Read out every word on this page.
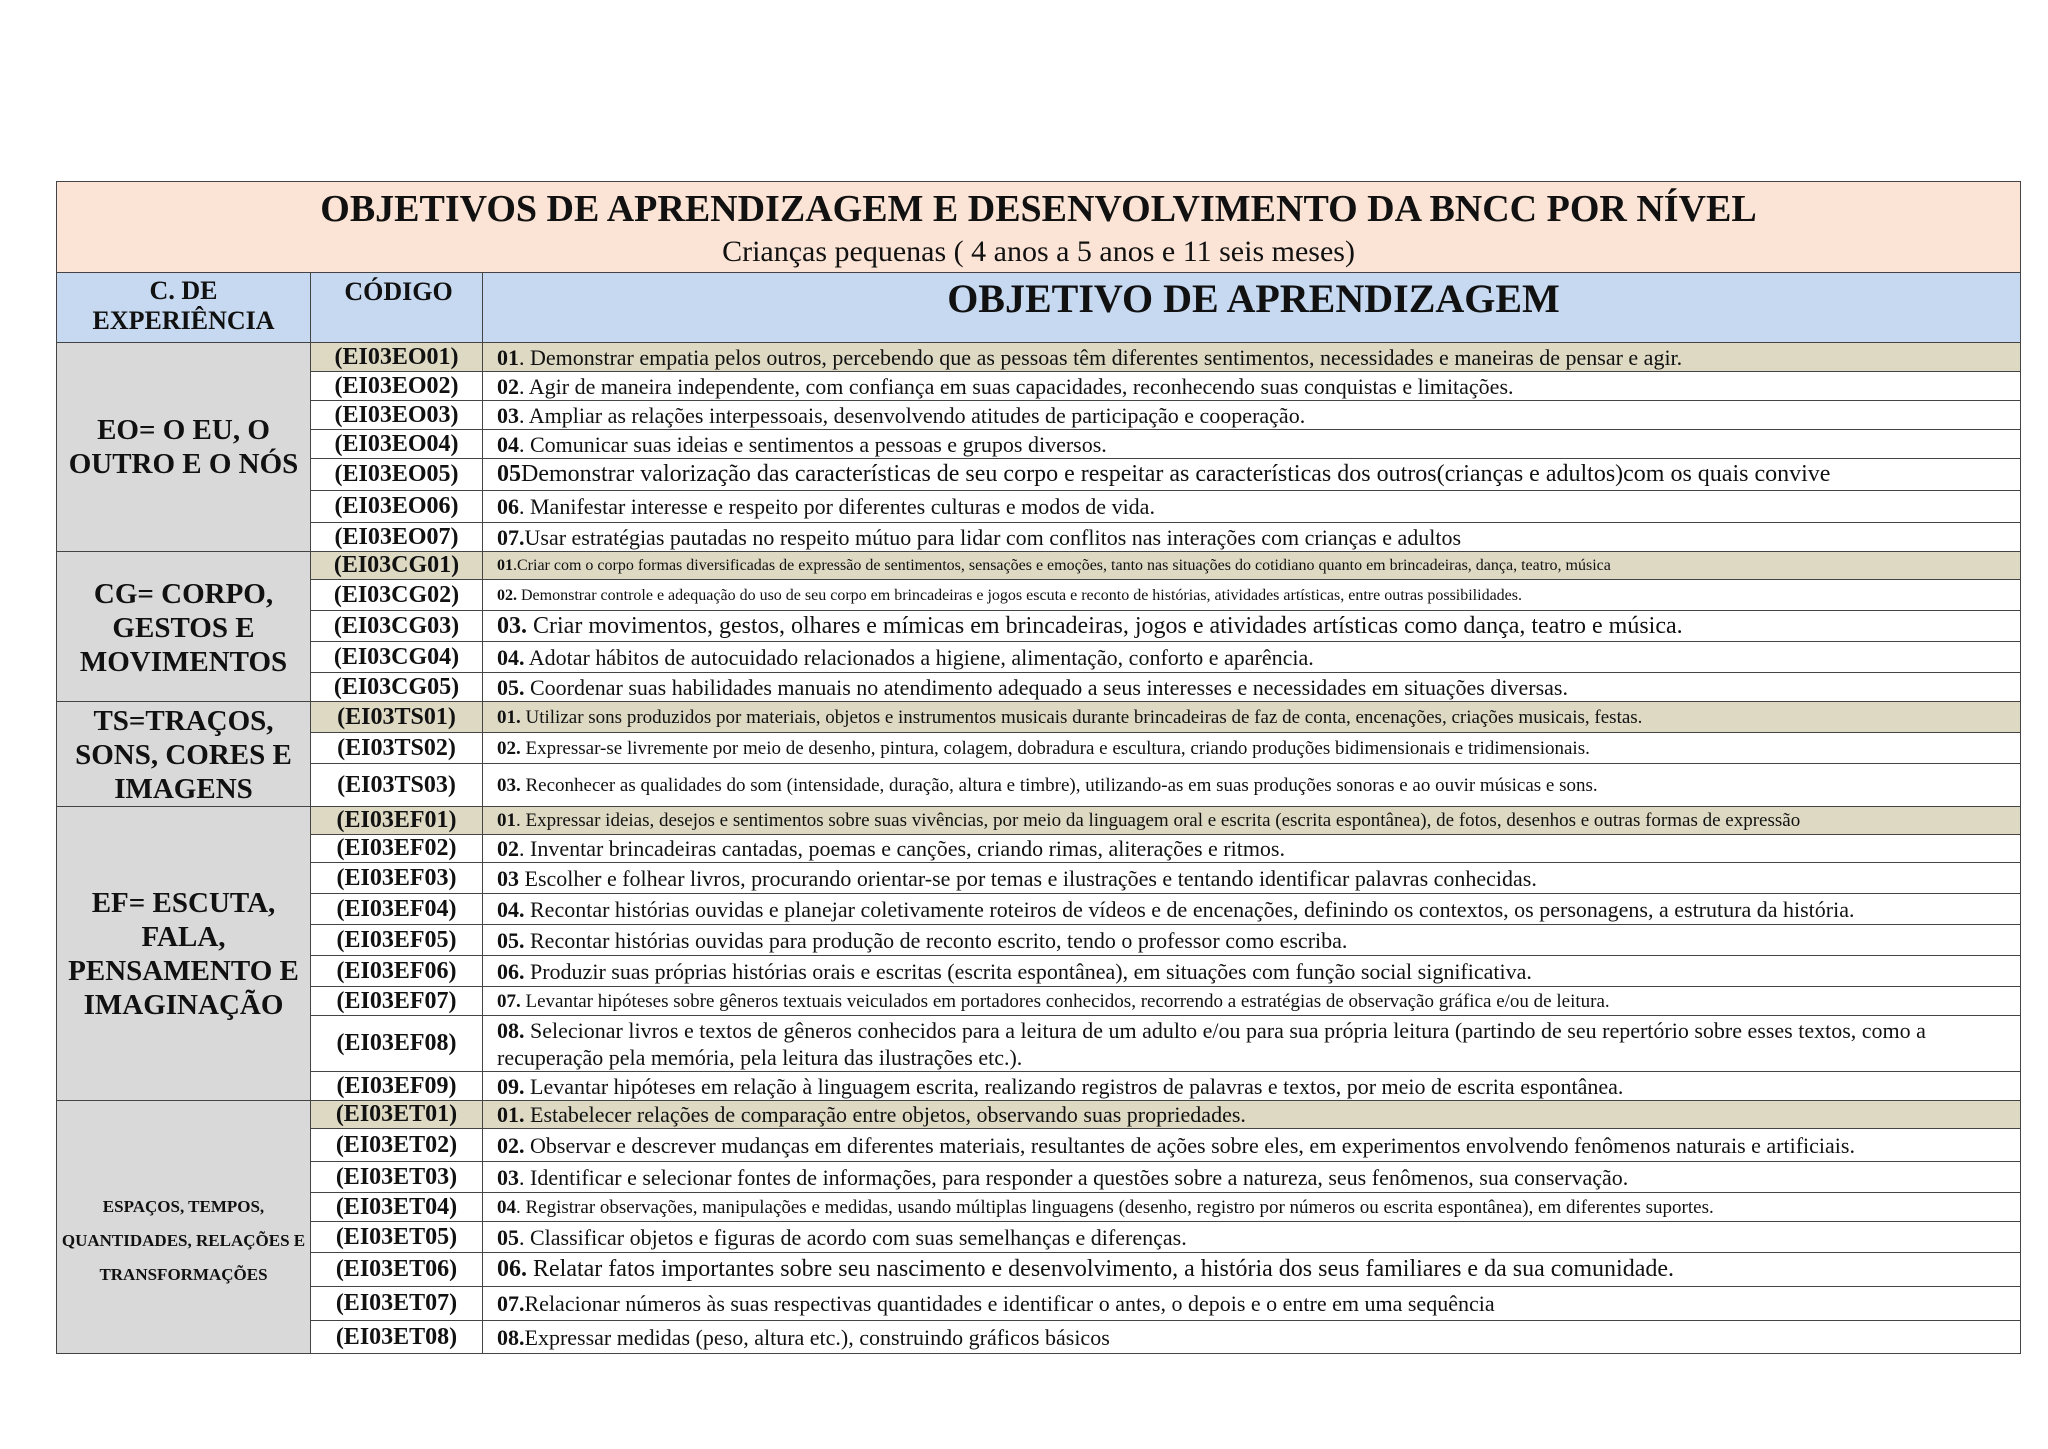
OBJETIVOS DE APRENDIZAGEM E DESENVOLVIMENTO DA BNCC POR NÍVEL
Crianças pequenas ( 4 anos a 5 anos e 11 seis meses)		

C. DE EXPERIÊNCIA	CÓDIGO	OBJETIVO DE APRENDIZAGEM
EO= O EU, O OUTRO E O NÓS	(EI03EO01)	01. Demonstrar empatia pelos outros, percebendo que as pessoas têm diferentes sentimentos, necessidades e maneiras de pensar e agir.
	(EI03EO02)	02. Agir de maneira independente, com confiança em suas capacidades, reconhecendo suas conquistas e limitações.
	(EI03EO03)	03. Ampliar as relações interpessoais, desenvolvendo atitudes de participação e cooperação.
	(EI03EO04)	04. Comunicar suas ideias e sentimentos a pessoas e grupos diversos.
	(EI03EO05)	05Demonstrar valorização das características de seu corpo e respeitar as características dos outros(crianças e adultos)com os quais convive
	(EI03EO06)	06. Manifestar interesse e respeito por diferentes culturas e modos de vida.
	(EI03EO07)	07.Usar estratégias pautadas no respeito mútuo para lidar com conflitos nas interações com crianças e adultos
CG= CORPO, GESTOS E MOVIMENTOS	(EI03CG01)	01.Criar com o corpo formas diversificadas de expressão de sentimentos, sensações e emoções, tanto nas situações do cotidiano quanto em brincadeiras, dança, teatro, música
	(EI03CG02)	02. Demonstrar controle e adequação do uso de seu corpo em brincadeiras e jogos escuta e reconto de histórias, atividades artísticas, entre outras possibilidades.
	(EI03CG03)	03. Criar movimentos, gestos, olhares e mímicas em brincadeiras, jogos e atividades artísticas como dança, teatro e música.
	(EI03CG04)	04. Adotar hábitos de autocuidado relacionados a higiene, alimentação, conforto e aparência.
	(EI03CG05)	05. Coordenar suas habilidades manuais no atendimento adequado a seus interesses e necessidades em situações diversas.
TS=TRAÇOS, SONS, CORES E IMAGENS	(EI03TS01)	01. Utilizar sons produzidos por materiais, objetos e instrumentos musicais durante brincadeiras de faz de conta, encenações, criações musicais, festas.
	(EI03TS02)	02. Expressar-se livremente por meio de desenho, pintura, colagem, dobradura e escultura, criando produções bidimensionais e tridimensionais.
	(EI03TS03)	03. Reconhecer as qualidades do som (intensidade, duração, altura e timbre), utilizando-as em suas produções sonoras e ao ouvir músicas e sons.
EF= ESCUTA, FALA, PENSAMENTO E IMAGINAÇÃO	(EI03EF01)	01. Expressar ideias, desejos e sentimentos sobre suas vivências, por meio da linguagem oral e escrita (escrita espontânea), de fotos, desenhos e outras formas de expressão
	(EI03EF02)	02. Inventar brincadeiras cantadas, poemas e canções, criando rimas, aliterações e ritmos.
	(EI03EF03)	03 Escolher e folhear livros, procurando orientar-se por temas e ilustrações e tentando identificar palavras conhecidas.
	(EI03EF04)	04. Recontar histórias ouvidas e planejar coletivamente roteiros de vídeos e de encenações, definindo os contextos, os personagens, a estrutura da história.
	(EI03EF05)	05. Recontar histórias ouvidas para produção de reconto escrito, tendo o professor como escriba.
	(EI03EF06)	06. Produzir suas próprias histórias orais e escritas (escrita espontânea), em situações com função social significativa.
	(EI03EF07)	07. Levantar hipóteses sobre gêneros textuais veiculados em portadores conhecidos, recorrendo a estratégias de observação gráfica e/ou de leitura.
	(EI03EF08)	08. Selecionar livros e textos de gêneros conhecidos para a leitura de um adulto e/ou para sua própria leitura (partindo de seu repertório sobre esses textos, como a recuperação pela memória, pela leitura das ilustrações etc.).
	(EI03EF09)	09. Levantar hipóteses em relação à linguagem escrita, realizando registros de palavras e textos, por meio de escrita espontânea.
ESPAÇOS, TEMPOS, QUANTIDADES, RELAÇÕES E TRANSFORMAÇÕES	(EI03ET01)	01. Estabelecer relações de comparação entre objetos, observando suas propriedades.
	(EI03ET02)	02. Observar e descrever mudanças em diferentes materiais, resultantes de ações sobre eles, em experimentos envolvendo fenômenos naturais e artificiais.
	(EI03ET03)	03. Identificar e selecionar fontes de informações, para responder a questões sobre a natureza, seus fenômenos, sua conservação.
	(EI03ET04)	04. Registrar observações, manipulações e medidas, usando múltiplas linguagens (desenho, registro por números ou escrita espontânea), em diferentes suportes.
	(EI03ET05)	05. Classificar objetos e figuras de acordo com suas semelhanças e diferenças.
	(EI03ET06)	06. Relatar fatos importantes sobre seu nascimento e desenvolvimento, a história dos seus familiares e da sua comunidade.
	(EI03ET07)	07.Relacionar números às suas respectivas quantidades e identificar o antes, o depois e o entre em uma sequência
	(EI03ET08)	08.Expressar medidas (peso, altura etc.), construindo gráficos básicos
